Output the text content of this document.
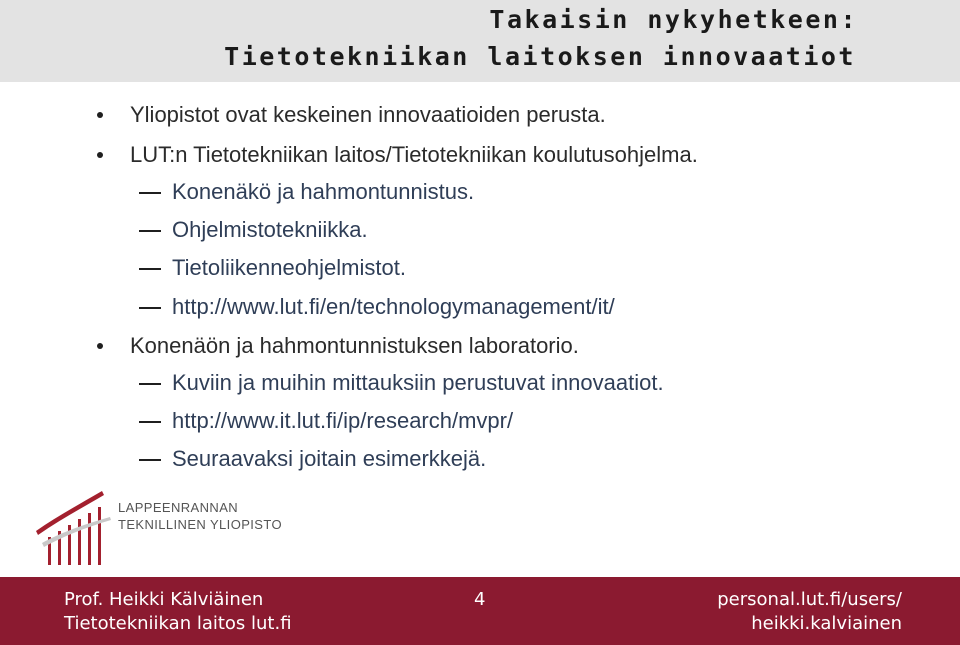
Takaisin nykyhetkeen:
Tietotekniikan laitoksen innovaatiot
Yliopistot ovat keskeinen innovaatioiden perusta.
LUT:n Tietotekniikan laitos/Tietotekniikan koulutusohjelma.
Konenäkö ja hahmontunnistus.
Ohjelmistotekniikka.
Tietoliikenneohjelmistot.
http://www.lut.fi/en/technologymanagement/it/
Konenäön ja hahmontunnistuksen laboratorio.
Kuviin ja muihin mittauksiin perustuvat innovaatiot.
http://www.it.lut.fi/ip/research/mvpr/
Seuraavaksi joitain esimerkkejä.
LAPPEENRANNAN
TEKNILLINEN YLIOPISTO
Prof. Heikki Kälviäinen
Tietotekniikan laitos lut.fi
4	personal.lut.fi/users/
heikki.kalviainen
